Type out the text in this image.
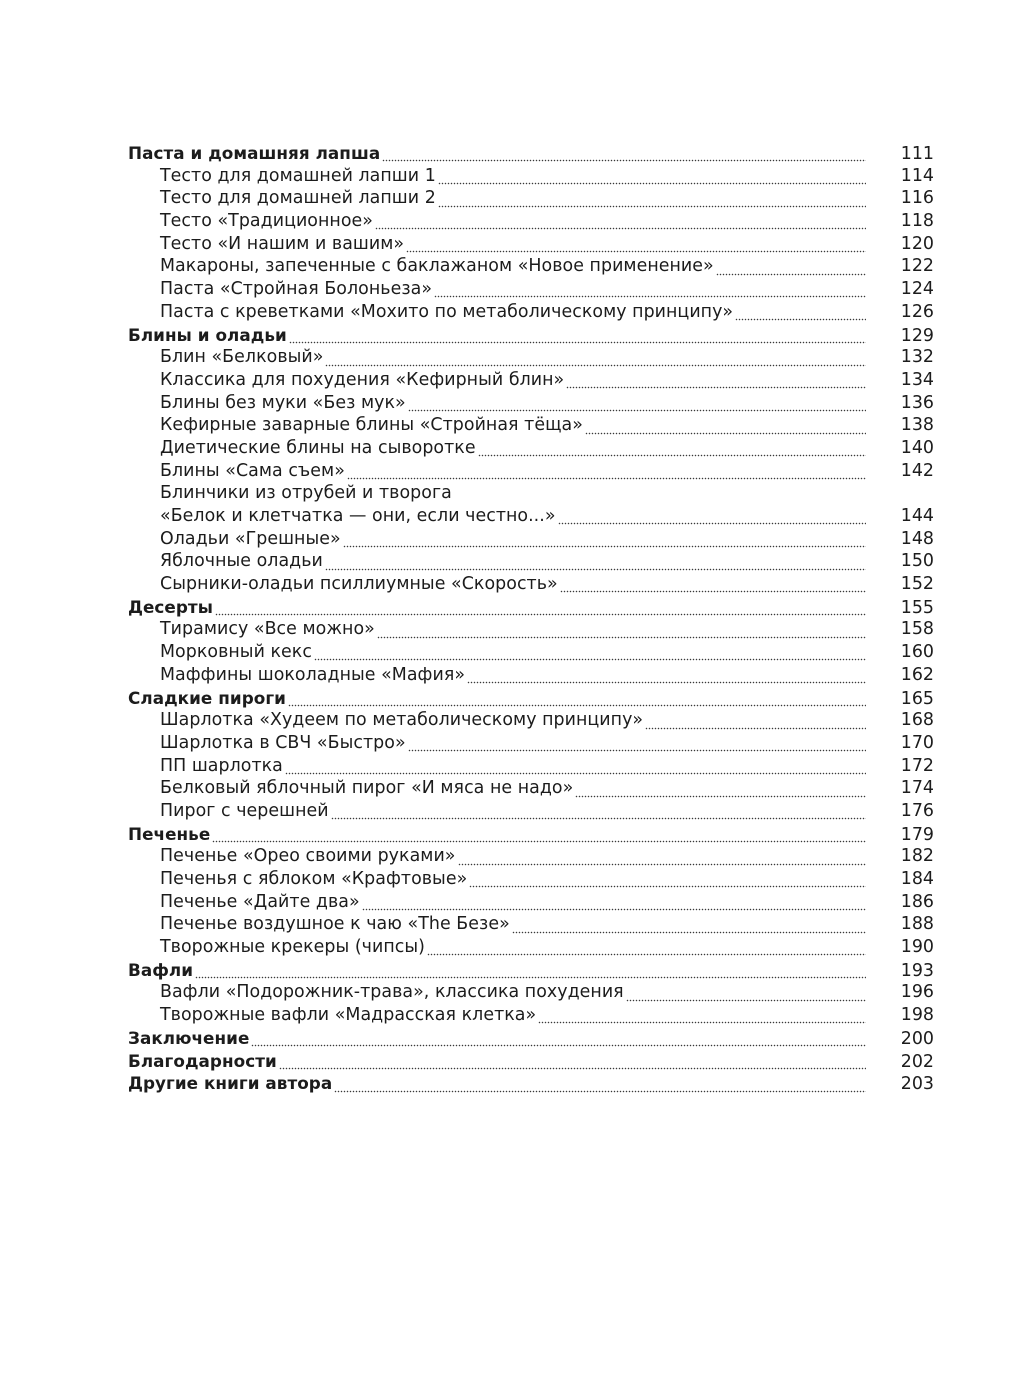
Паста и домашняя лапша	111
Тесто для домашней лапши 1	114
Тесто для домашней лапши 2	116
Тесто «Традиционное»	118
Тесто «И нашим и вашим»	120
Макароны, запеченные с баклажаном «Новое применение»	122
Паста «Стройная Болоньеза»	124
Паста с креветками «Мохито по метаболическому принципу»	126
Блины и оладьи	129
Блин «Белковый»	132
Классика для похудения «Кефирный блин»	134
Блины без муки «Без мук»	136
Кефирные заварные блины «Стройная тёща»	138
Диетические блины на сыворотке	140
Блины «Сама съем»	142
Блинчики из отрубей и творога
«Белок и клетчатка — они, если честно...»	144
Оладьи «Грешные»	148
Яблочные оладьи	150
Сырники-оладьи псиллиумные «Скорость»	152
Десерты	155
Тирамису «Все можно»	158
Морковный кекс	160
Маффины шоколадные «Мафия»	162
Сладкие пироги	165
Шарлотка «Худеем по метаболическому принципу»	168
Шарлотка в СВЧ «Быстро»	170
ПП шарлотка	172
Белковый яблочный пирог «И мяса не надо»	174
Пирог с черешней	176
Печенье	179
Печенье «Орео своими руками»	182
Печенья с яблоком «Крафтовые»	184
Печенье «Дайте два»	186
Печенье воздушное к чаю «The Безе»	188
Творожные крекеры (чипсы)	190
Вафли	193
Вафли «Подорожник-трава», классика похудения	196
Творожные вафли «Мадрасская клетка»	198
Заключение	200
Благодарности	202
Другие книги автора	203
